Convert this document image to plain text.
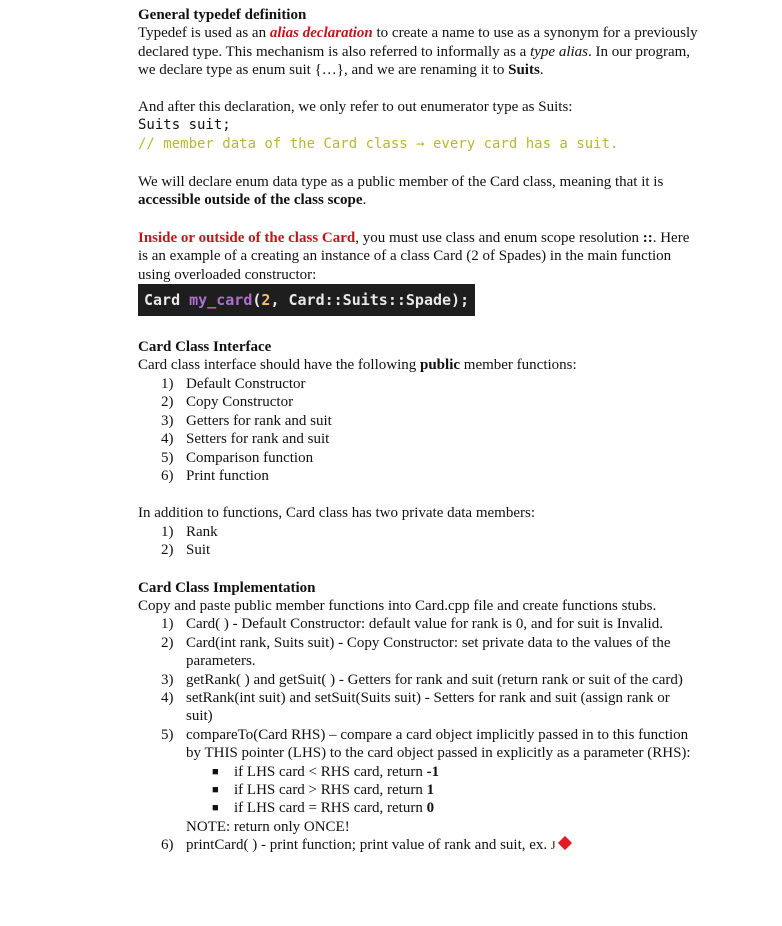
General typedef definition

Typedef is used as an alias declaration to create a name to use as a synonym for a previously declared type. This mechanism is also referred to informally as a type alias. In our program, we declare type as enum suit {…}, and we are renaming it to Suits.

And after this declaration, we only refer to out enumerator type as Suits:

Suits suit;

// member data of the Card class → every card has a suit.

We will declare enum data type as a public member of the Card class, meaning that it is accessible outside of the class scope.

Inside or outside of the class Card, you must use class and enum scope resolution ::. Here is an example of a creating an instance of a class Card (2 of Spades) in the main function using overloaded constructor:

Card my_card(2, Card::Suits::Spade);

Card Class Interface

Card class interface should have the following public member functions:

1) Default Constructor
2) Copy Constructor
3) Getters for rank and suit
4) Setters for rank and suit
5) Comparison function
6) Print function

In addition to functions, Card class has two private data members:

1) Rank
2) Suit

Card Class Implementation

Copy and paste public member functions into Card.cpp file and create functions stubs.

1) Card( ) - Default Constructor: default value for rank is 0, and for suit is Invalid.
2) Card(int rank, Suits suit) - Copy Constructor: set private data to the values of the parameters.
3) getRank( ) and getSuit( ) - Getters for rank and suit (return rank or suit of the card)
4) setRank(int suit) and setSuit(Suits suit) - Setters for rank and suit (assign rank or suit)
5) compareTo(Card RHS) – compare a card object implicitly passed in to this function by THIS pointer (LHS) to the card object passed in explicitly as a parameter (RHS):
■ if LHS card < RHS card, return -1
■ if LHS card > RHS card, return 1
■ if LHS card = RHS card, return 0
NOTE: return only ONCE!
6) printCard( ) - print function; print value of rank and suit, ex. J
